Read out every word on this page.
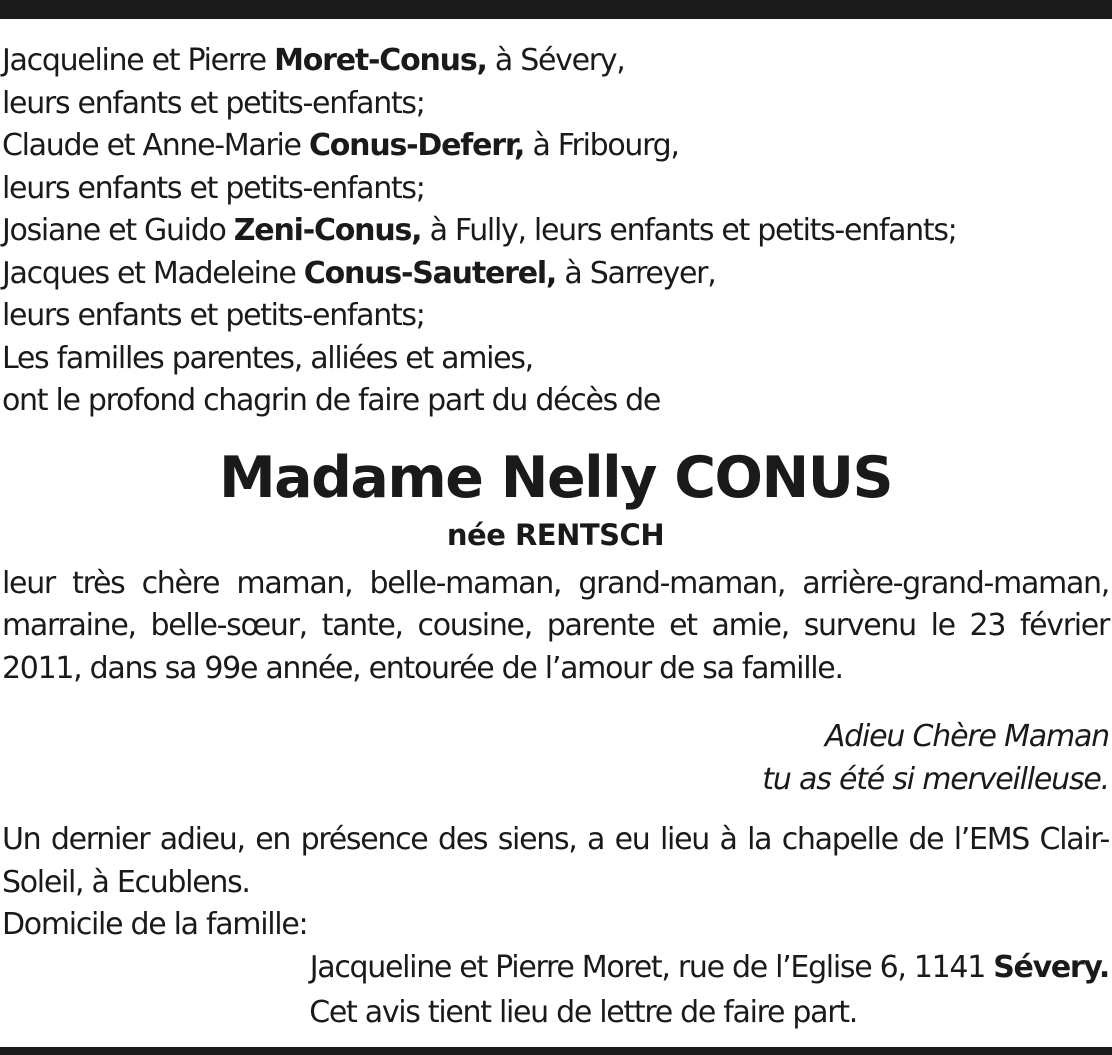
Jacqueline et Pierre Moret-Conus, à Sévery,
leurs enfants et petits-enfants;
Claude et Anne-Marie Conus-Deferr, à Fribourg,
leurs enfants et petits-enfants;
Josiane et Guido Zeni-Conus, à Fully, leurs enfants et petits-enfants;
Jacques et Madeleine Conus-Sauterel, à Sarreyer,
leurs enfants et petits-enfants;
Les familles parentes, alliées et amies,
ont le profond chagrin de faire part du décès de
Madame Nelly CONUS
née RENTSCH
leur très chère maman, belle-maman, grand-maman, arrière-grand-maman, marraine, belle-sœur, tante, cousine, parente et amie, survenu le 23 février 2011, dans sa 99e année, entourée de l’amour de sa famille.
Adieu Chère Maman
tu as été si merveilleuse.
Un dernier adieu, en présence des siens, a eu lieu à la chapelle de l’EMS Clair-Soleil, à Ecublens.
Domicile de la famille:
Jacqueline et Pierre Moret, rue de l’Eglise 6, 1141 Sévery.
Cet avis tient lieu de lettre de faire part.
